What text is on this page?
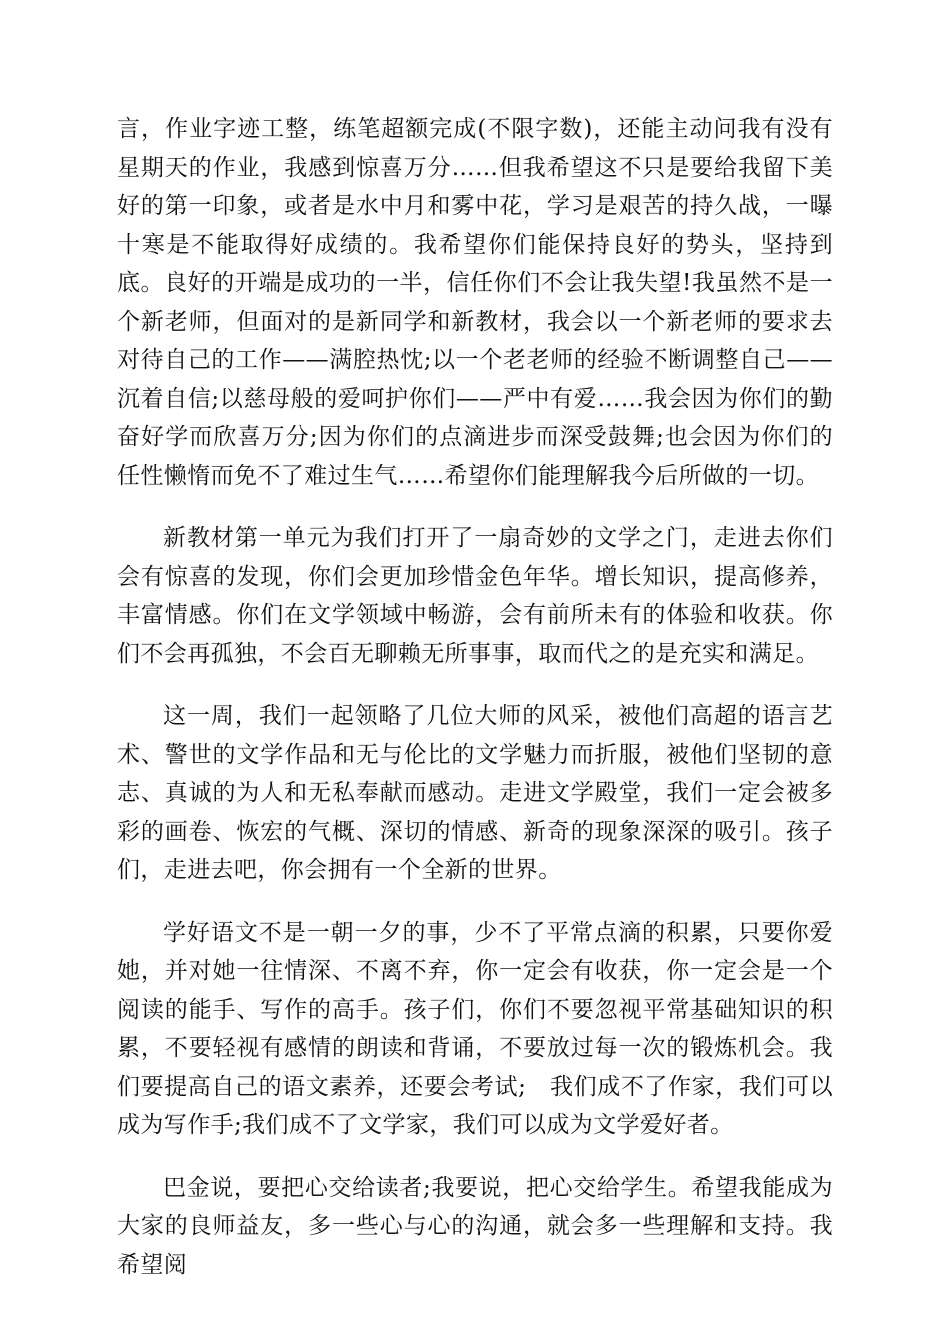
言，作业字迹工整，练笔超额完成(不限字数)，还能主动问我有没有星期天的作业，我感到惊喜万分……但我希望这不只是要给我留下美好的第一印象，或者是水中月和雾中花，学习是艰苦的持久战，一曝十寒是不能取得好成绩的。我希望你们能保持良好的势头，坚持到底。良好的开端是成功的一半，信任你们不会让我失望!我虽然不是一个新老师，但面对的是新同学和新教材，我会以一个新老师的要求去对待自己的工作——满腔热忱;以一个老老师的经验不断调整自己——沉着自信;以慈母般的爱呵护你们——严中有爱……我会因为你们的勤奋好学而欣喜万分;因为你们的点滴进步而深受鼓舞;也会因为你们的任性懒惰而免不了难过生气……希望你们能理解我今后所做的一切。

新教材第一单元为我们打开了一扇奇妙的文学之门，走进去你们会有惊喜的发现，你们会更加珍惜金色年华。增长知识，提高修养，丰富情感。你们在文学领域中畅游，会有前所未有的体验和收获。你们不会再孤独，不会百无聊赖无所事事，取而代之的是充实和满足。

这一周，我们一起领略了几位大师的风采，被他们高超的语言艺术、警世的文学作品和无与伦比的文学魅力而折服，被他们坚韧的意志、真诚的为人和无私奉献而感动。走进文学殿堂，我们一定会被多彩的画卷、恢宏的气概、深切的情感、新奇的现象深深的吸引。孩子们，走进去吧，你会拥有一个全新的世界。

学好语文不是一朝一夕的事，少不了平常点滴的积累，只要你爱她，并对她一往情深、不离不弃，你一定会有收获，你一定会是一个阅读的能手、写作的高手。孩子们，你们不要忽视平常基础知识的积累，不要轻视有感情的朗读和背诵，不要放过每一次的锻炼机会。我们要提高自己的语文素养，还要会考试;　我们成不了作家，我们可以成为写作手;我们成不了文学家，我们可以成为文学爱好者。

巴金说，要把心交给读者;我要说，把心交给学生。希望我能成为大家的良师益友，多一些心与心的沟通，就会多一些理解和支持。我希望阅
